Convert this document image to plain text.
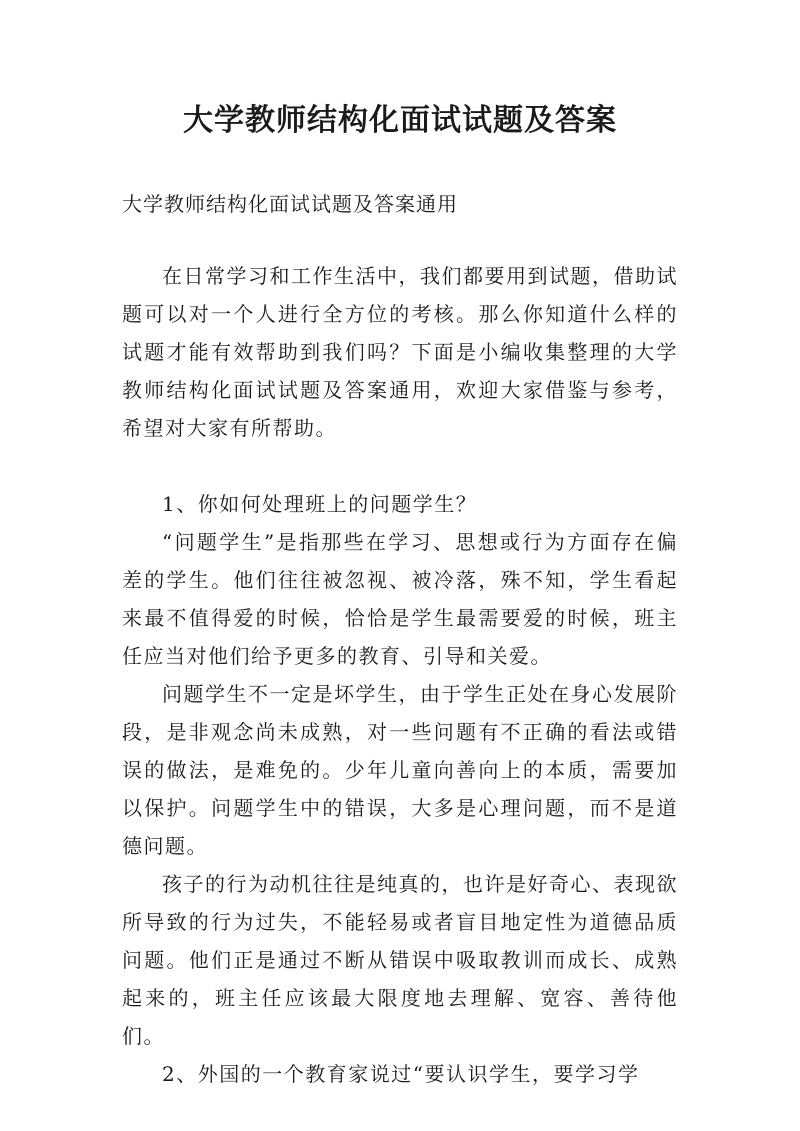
大学教师结构化面试试题及答案

大学教师结构化面试试题及答案通用

在日常学习和工作生活中，我们都要用到试题，借助试题可以对一个人进行全方位的考核。那么你知道什么样的试题才能有效帮助到我们吗？下面是小编收集整理的大学教师结构化面试试题及答案通用，欢迎大家借鉴与参考，希望对大家有所帮助。

1、你如何处理班上的问题学生？

“问题学生”是指那些在学习、思想或行为方面存在偏差的学生。他们往往被忽视、被冷落，殊不知，学生看起来最不值得爱的时候，恰恰是学生最需要爱的时候，班主任应当对他们给予更多的教育、引导和关爱。

问题学生不一定是坏学生，由于学生正处在身心发展阶段，是非观念尚未成熟，对一些问题有不正确的看法或错误的做法，是难免的。少年儿童向善向上的本质，需要加以保护。问题学生中的错误，大多是心理问题，而不是道德问题。

孩子的行为动机往往是纯真的，也许是好奇心、表现欲所导致的行为过失，不能轻易或者盲目地定性为道德品质问题。他们正是通过不断从错误中吸取教训而成长、成熟起来的，班主任应该最大限度地去理解、宽容、善待他们。

2、外国的一个教育家说过“要认识学生，要学习学
